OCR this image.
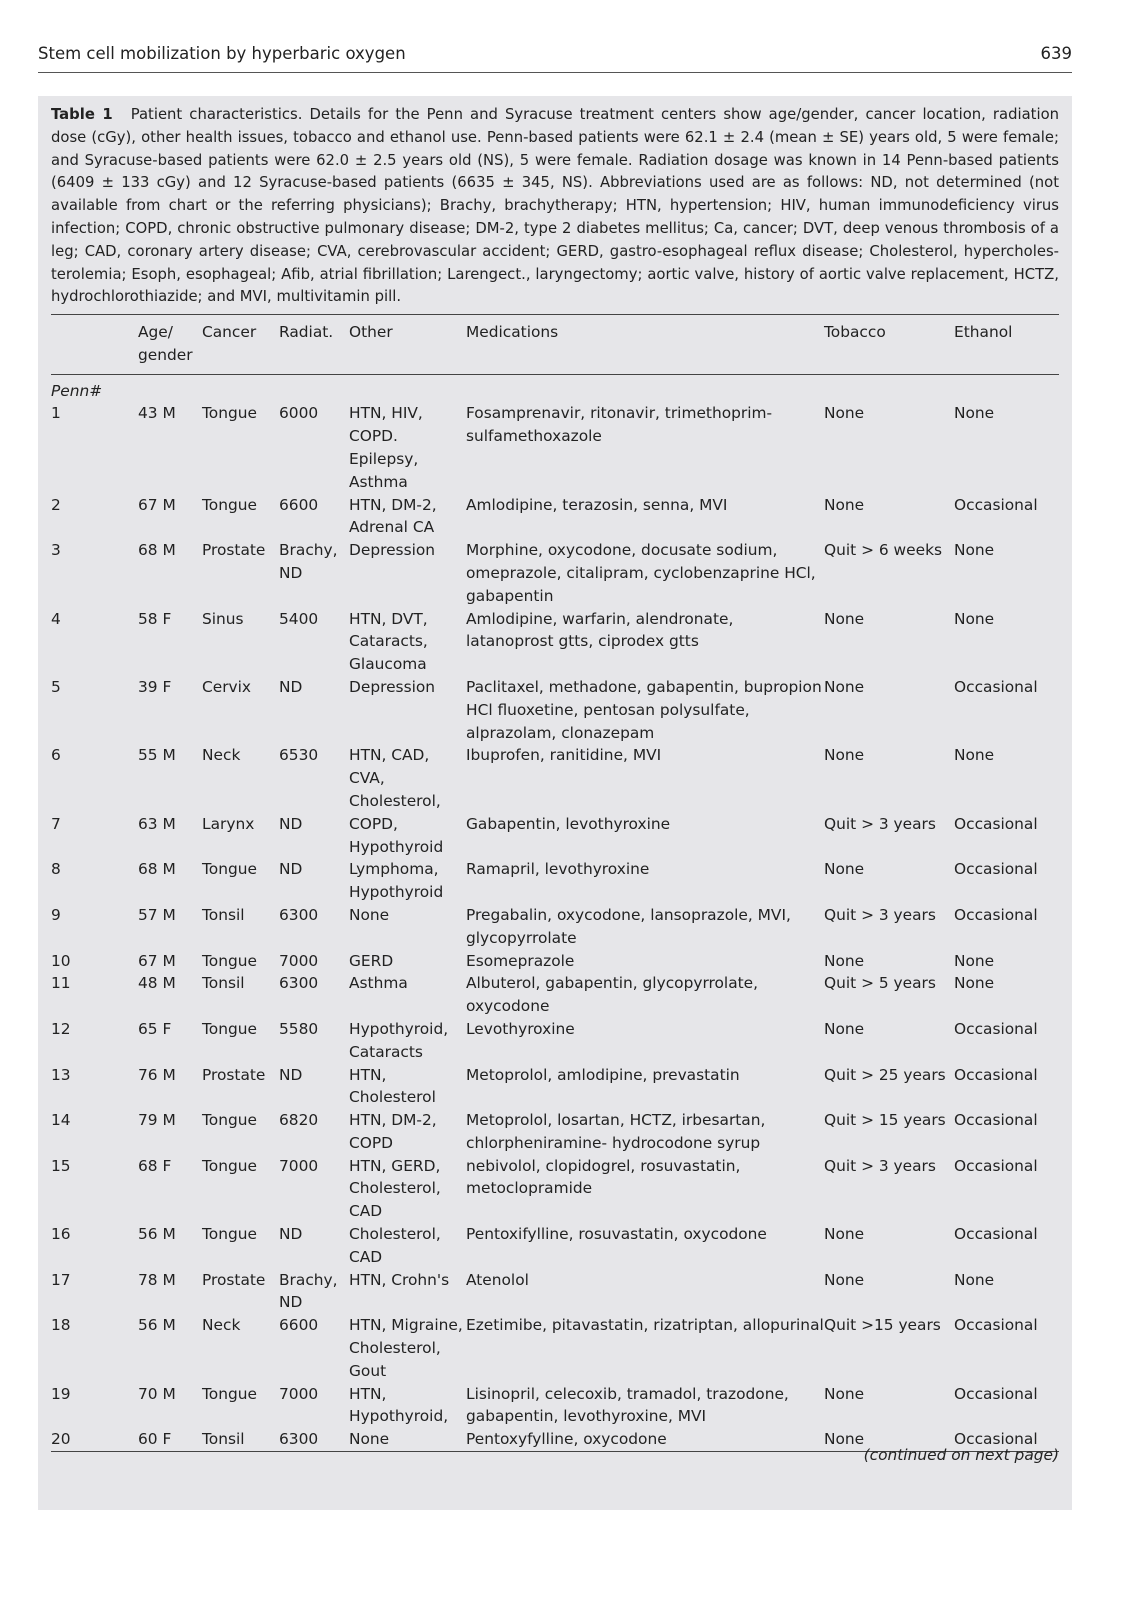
Stem cell mobilization by hyperbaric oxygen	639
Table 1 Patient characteristics. Details for the Penn and Syracuse treatment centers show age/gender, cancer location, radiation dose (cGy), other health issues, tobacco and ethanol use. Penn-based patients were 62.1 ± 2.4 (mean ± SE) years old, 5 were female; and Syracuse-based patients were 62.0 ± 2.5 years old (NS), 5 were female. Radiation dosage was known in 14 Penn-based patients (6409 ± 133 cGy) and 12 Syracuse-based patients (6635 ± 345, NS). Abbreviations used are as follows: ND, not determined (not available from chart or the referring physicians); Brachy, brachytherapy; HTN, hypertension; HIV, human immunodeficiency virus infection; COPD, chronic obstructive pulmonary disease; DM-2, type 2 diabetes mellitus; Ca, cancer; DVT, deep venous thrombosis of a leg; CAD, coronary artery disease; CVA, cerebrovascular accident; GERD, gastro-esophageal reflux disease; Cholesterol, hypercholesterolemia; Esoph, esophageal; Afib, atrial fibrillation; Larengect., laryngectomy; aortic valve, history of aortic valve replacement, HCTZ, hydrochlorothiazide; and MVI, multivitamin pill.
	Age/ gender	Cancer	Radiat.	Other	Medications	Tobacco	Ethanol
Penn#							
1	43 M	Tongue	6000	HTN, HIV, COPD. Epilepsy, Asthma	Fosamprenavir, ritonavir, trimethoprim-sulfamethoxazole	None	None
2	67 M	Tongue	6600	HTN, DM-2, Adrenal CA	Amlodipine, terazosin, senna, MVI	None	Occasional
3	68 M	Prostate	Brachy, ND	Depression	Morphine, oxycodone, docusate sodium, omeprazole, citalipram, cyclobenzaprine HCl, gabapentin	Quit > 6 weeks	None
4	58 F	Sinus	5400	HTN, DVT, Cataracts, Glaucoma	Amlodipine, warfarin, alendronate, latanoprost gtts, ciprodex gtts	None	None
5	39 F	Cervix	ND	Depression	Paclitaxel, methadone, gabapentin, bupropion HCl fluoxetine, pentosan polysulfate, alprazolam, clonazepam	None	Occasional
6	55 M	Neck	6530	HTN, CAD, CVA, Cholesterol,	Ibuprofen, ranitidine, MVI	None	None
7	63 M	Larynx	ND	COPD, Hypothyroid	Gabapentin, levothyroxine	Quit > 3 years	Occasional
8	68 M	Tongue	ND	Lymphoma, Hypothyroid	Ramapril, levothyroxine	None	Occasional
9	57 M	Tonsil	6300	None	Pregabalin, oxycodone, lansoprazole, MVI, glycopyrrolate	Quit > 3 years	Occasional
10	67 M	Tongue	7000	GERD	Esomeprazole	None	None
11	48 M	Tonsil	6300	Asthma	Albuterol, gabapentin, glycopyrrolate, oxycodone	Quit > 5 years	None
12	65 F	Tongue	5580	Hypothyroid, Cataracts	Levothyroxine	None	Occasional
13	76 M	Prostate	ND	HTN, Cholesterol	Metoprolol, amlodipine, prevastatin	Quit > 25 years	Occasional
14	79 M	Tongue	6820	HTN, DM-2, COPD	Metoprolol, losartan, HCTZ, irbesartan, chlorpheniramine- hydrocodone syrup	Quit > 15 years	Occasional
15	68 F	Tongue	7000	HTN, GERD, Cholesterol, CAD	nebivolol, clopidogrel, rosuvastatin, metoclopramide	Quit > 3 years	Occasional
16	56 M	Tongue	ND	Cholesterol, CAD	Pentoxifylline, rosuvastatin, oxycodone	None	Occasional
17	78 M	Prostate	Brachy, ND	HTN, Crohn's	Atenolol	None	None
18	56 M	Neck	6600	HTN, Migraine, Cholesterol, Gout	Ezetimibe, pitavastatin, rizatriptan, allopurinal	Quit >15 years	Occasional
19	70 M	Tongue	7000	HTN, Hypothyroid,	Lisinopril, celecoxib, tramadol, trazodone, gabapentin, levothyroxine, MVI	None	Occasional
20	60 F	Tonsil	6300	None	Pentoxyfylline, oxycodone	None	Occasional
(continued on next page)
